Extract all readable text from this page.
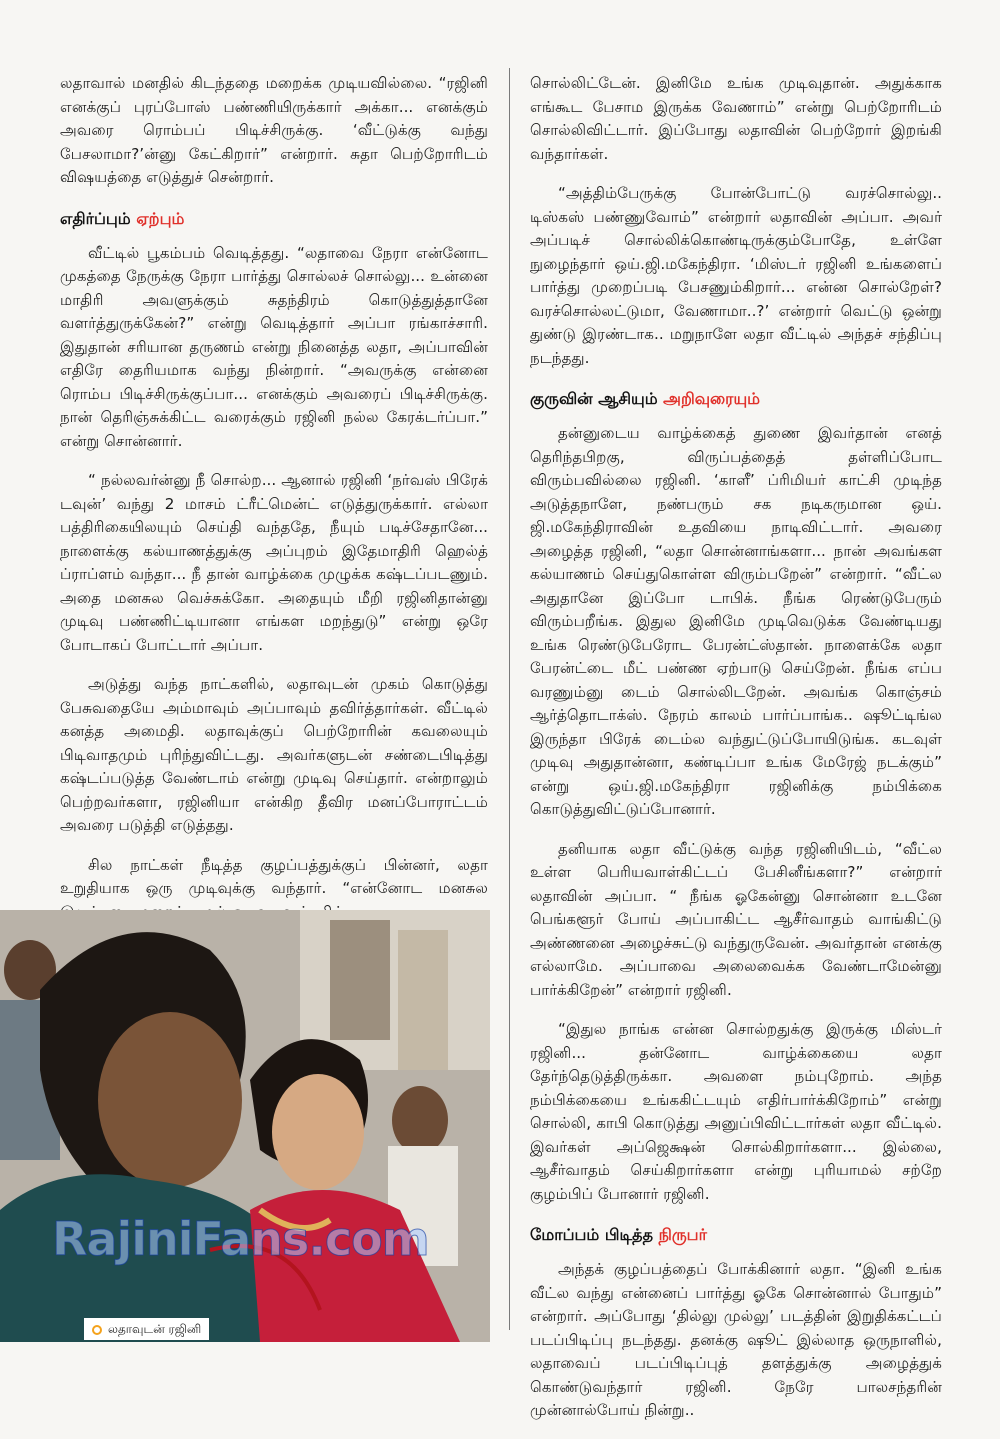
லதாவால் மனதில் கிடந்ததை மறைக்க முடியவில்லை. “ரஜினி எனக்குப் புரப்போஸ் பண்ணியிருக்கார் அக்கா... எனக்கும் அவரை ரொம்பப் பிடிச்சிருக்கு. ‘வீட்டுக்கு வந்து பேசலாமா?’ன்னு கேட்கிறார்” என்றார். சுதா பெற்றோரிடம் விஷயத்தை எடுத்துச் சென்றார்.

எதிர்ப்பும் ஏற்பும்

வீட்டில் பூகம்பம் வெடித்தது. “லதாவை நேரா என்னோட முகத்தை நேருக்கு நேரா பார்த்து சொல்லச் சொல்லு... உன்னை மாதிரி அவளுக்கும் சுதந்திரம் கொடுத்துத்தானே வளர்த்துருக்கேன்?” என்று வெடித்தார் அப்பா ரங்காச்சாரி. இதுதான் சரியான தருணம் என்று நினைத்த லதா, அப்பாவின் எதிரே தைரியமாக வந்து நின்றார். “அவருக்கு என்னை ரொம்ப பிடிச்சிருக்குப்பா... எனக்கும் அவரைப் பிடிச்சிருக்கு. நான் தெரிஞ்சுக்கிட்ட வரைக்கும் ரஜினி நல்ல கேரக்டர்ப்பா.” என்று சொன்னார்.

“ நல்லவர்ன்னு நீ சொல்ற... ஆனால் ரஜினி ‘நர்வஸ் பிரேக் டவுன்’ வந்து 2 மாசம் ட்ரீட்மென்ட் எடுத்துருக்கார். எல்லா பத்திரிகையிலயும் செய்தி வந்ததே, நீயும் படிச்சேதானே... நாளைக்கு கல்யாணத்துக்கு அப்புறம் இதேமாதிரி ஹெல்த் ப்ராப்ளம் வந்தா... நீ தான் வாழ்க்கை முழுக்க கஷ்டப்படணும். அதை மனசுல வெச்சுக்கோ. அதையும் மீறி ரஜினிதான்னு முடிவு பண்ணிட்டியானா எங்கள மறந்துடு” என்று ஒரே போடாகப் போட்டார் அப்பா.

அடுத்து வந்த நாட்களில், லதாவுடன் முகம் கொடுத்து பேசுவதையே அம்மாவும் அப்பாவும் தவிர்த்தார்கள். வீட்டில் கனத்த அமைதி. லதாவுக்குப் பெற்றோரின் கவலையும் பிடிவாதமும் புரிந்துவிட்டது. அவர்களுடன் சண்டைபிடித்து கஷ்டப்படுத்த வேண்டாம் என்று முடிவு செய்தார். என்றாலும் பெற்றவர்களா, ரஜினியா என்கிற தீவிர மனப்போராட்டம் அவரை படுத்தி எடுத்தது.

சில நாட்கள் நீடித்த குழப்பத்துக்குப் பின்னர், லதா உறுதியாக ஒரு முடிவுக்கு வந்தார். “என்னோட மனசுல

சொல்லிட்டேன். இனிமே உங்க முடிவுதான். அதுக்காக எங்கூட பேசாம இருக்க வேணாம்” என்று பெற்றோரிடம் சொல்லிவிட்டார். இப்போது லதாவின் பெற்றோர் இறங்கி வந்தார்கள்.

“அத்திம்பேருக்கு போன்போட்டு வரச்சொல்லு.. டிஸ்கஸ் பண்ணுவோம்” என்றார் லதாவின் அப்பா. அவர் அப்படிச் சொல்லிக்கொண்டிருக்கும்போதே, உள்ளே நுழைந்தார் ஒய்.ஜி.மகேந்திரா. ‘மிஸ்டர் ரஜினி உங்களைப் பார்த்து முறைப்படி பேசணும்கிறார்... என்ன சொல்றேள்? வரச்சொல்லட்டுமா, வேணாமா..?’ என்றார் வெட்டு ஒன்று துண்டு இரண்டாக.. மறுநாளே லதா வீட்டில் அந்தச் சந்திப்பு நடந்தது.

குருவின் ஆசியும் அறிவுரையும்

தன்னுடைய வாழ்க்கைத் துணை இவர்தான் எனத் தெரிந்தபிறகு, விருப்பத்தைத் தள்ளிப்போட விரும்பவில்லை ரஜினி. ‘காளீ’ ப்ரிமியர் காட்சி முடிந்த அடுத்தநாளே, நண்பரும் சக நடிகருமான ஒய். ஜி.மகேந்திராவின் உதவியை நாடிவிட்டார். அவரை அழைத்த ரஜினி, “லதா சொன்னாங்களா... நான் அவங்கள கல்யாணம் செய்துகொள்ள விரும்பறேன்” என்றார். “வீட்ல அதுதானே இப்போ டாபிக். நீங்க ரெண்டுபேரும் விரும்பறீங்க. இதுல இனிமே முடிவெடுக்க வேண்டியது உங்க ரெண்டுபேரோட பேரன்ட்ஸ்தான். நாளைக்கே லதா பேரன்ட்டை மீட் பண்ண ஏற்பாடு செய்றேன். நீங்க எப்ப வரணும்னு டைம் சொல்லிடறேன். அவங்க கொஞ்சம் ஆர்த்தொடாக்ஸ். நேரம் காலம் பார்ப்பாங்க.. ஷூட்டிங்ல இருந்தா பிரேக் டைம்ல வந்துட்டுப்போயிடுங்க. கடவுள் முடிவு அதுதான்னா, கண்டிப்பா உங்க மேரேஜ் நடக்கும்” என்று ஒய்.ஜி.மகேந்திரா ரஜினிக்கு நம்பிக்கை கொடுத்துவிட்டுப்போனார்.

தனியாக லதா வீட்டுக்கு வந்த ரஜினியிடம், “வீட்ல உள்ள பெரியவாள்கிட்டப் பேசினீங்களா?” என்றார் லதாவின் அப்பா. “ நீங்க ஓகேன்னு சொன்னா உடனே பெங்களூர் போய் அப்பாகிட்ட ஆசீர்வாதம் வாங்கிட்டு அண்ணனை அழைச்சுட்டு வந்துருவேன். அவர்தான் எனக்கு எல்லாமே. அப்பாவை அலைவைக்க வேண்டாமேன்னு பார்க்கிறேன்” என்றார் ரஜினி.

“இதுல நாங்க என்ன சொல்றதுக்கு இருக்கு மிஸ்டர் ரஜினி... தன்னோட வாழ்க்கையை லதா தேர்ந்தெடுத்திருக்கா. அவளை நம்புறோம். அந்த நம்பிக்கையை உங்ககிட்டயும் எதிர்பார்க்கிறோம்” என்று சொல்லி, காபி கொடுத்து அனுப்பிவிட்டார்கள் லதா வீட்டில். இவர்கள் அப்ஜெக்ஷன் சொல்கிறார்களா... இல்லை, ஆசீர்வாதம் செய்கிறார்களா என்று புரியாமல் சற்றே குழம்பிப் போனார் ரஜினி.

மோப்பம் பிடித்த நிருபர்

அந்தக் குழப்பத்தைப் போக்கினார் லதா. “இனி உங்க வீட்ல வந்து என்னைப் பார்த்து ஓகே சொன்னால் போதும்” என்றார். அப்போது ‘தில்லு முல்லு’ படத்தின் இறுதிக்கட்டப் படப்பிடிப்பு நடந்தது. தனக்கு ஷூட் இல்லாத ஒருநாளில், லதாவைப் படப்பிடிப்புத் தளத்துக்கு அழைத்துக் கொண்டுவந்தார் ரஜினி. நேரே பாலசந்தரின் முன்னால்போய் நின்று..

RajiniFans.com
லதாவுடன் ரஜினி
